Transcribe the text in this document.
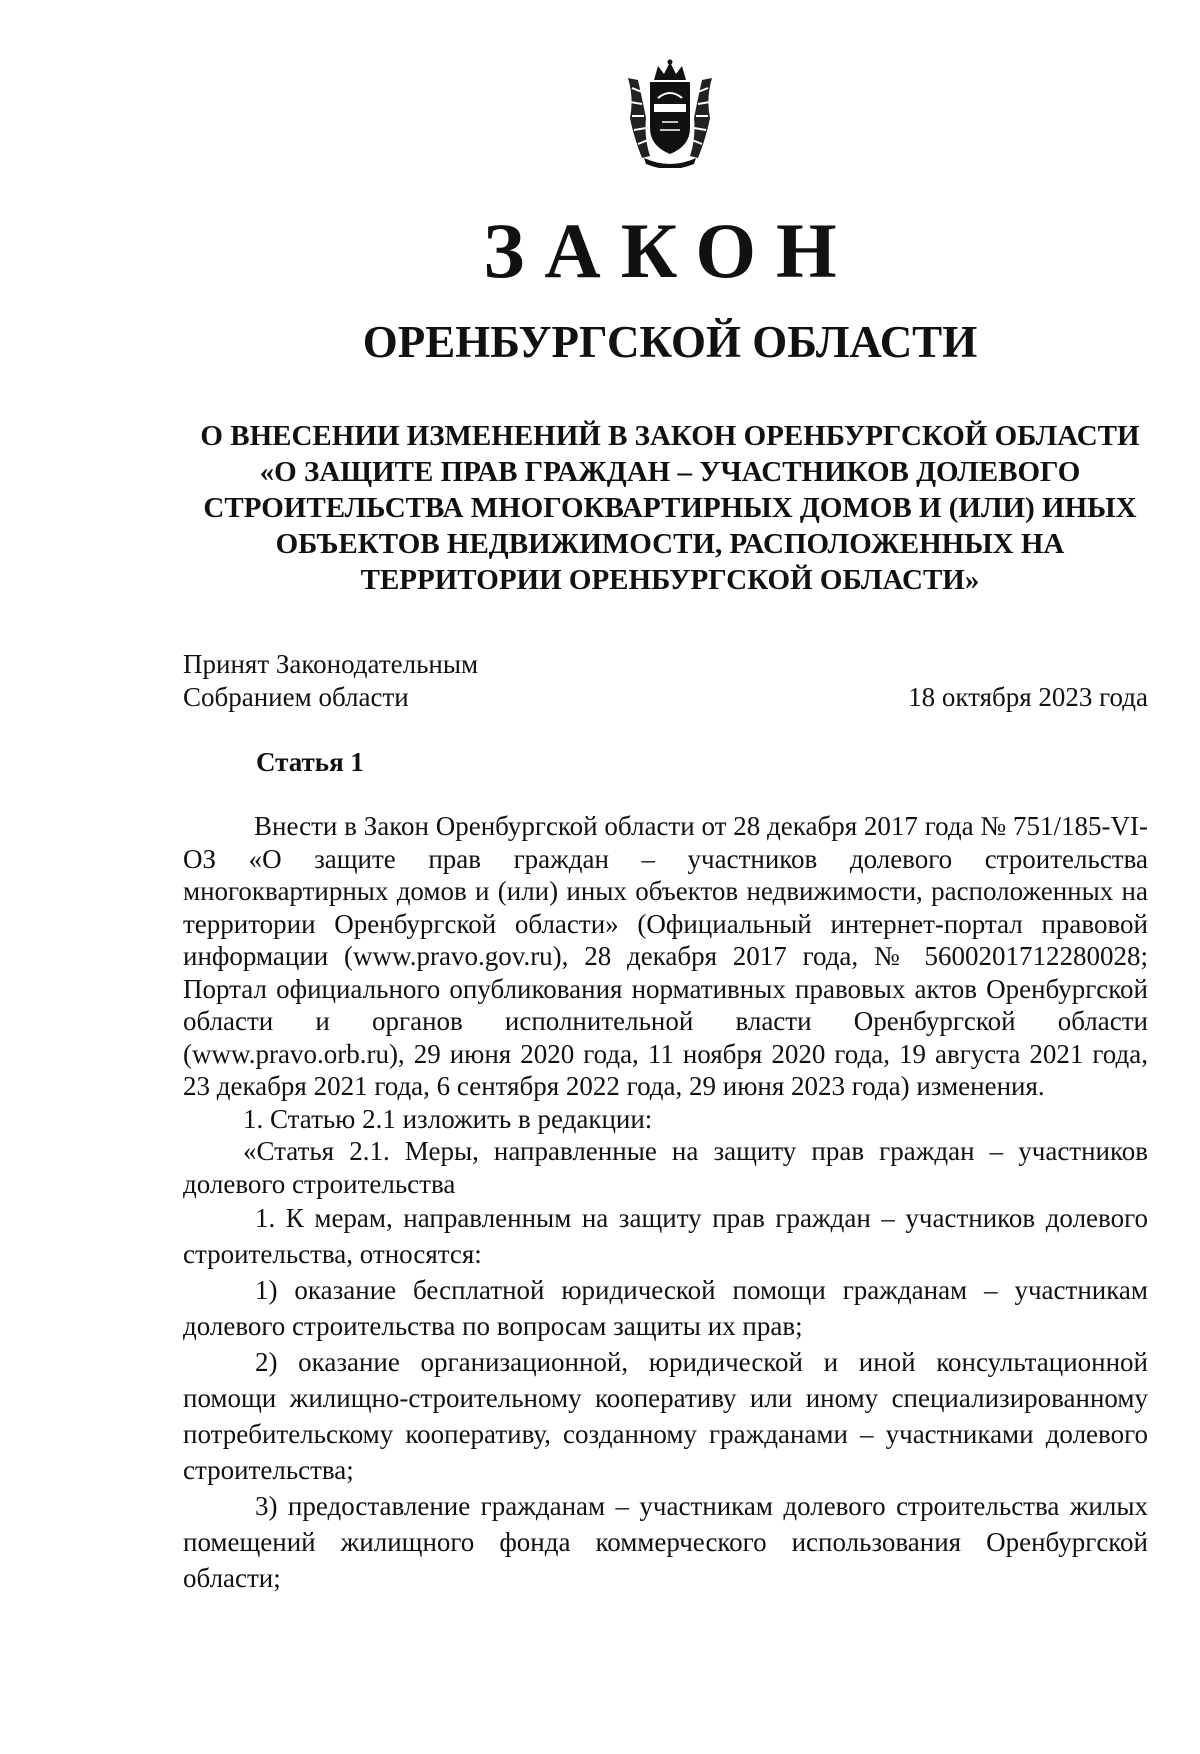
ЗАКОН
ОРЕНБУРГСКОЙ ОБЛАСТИ
О ВНЕСЕНИИ ИЗМЕНЕНИЙ В ЗАКОН ОРЕНБУРГСКОЙ ОБЛАСТИ
«О ЗАЩИТЕ ПРАВ ГРАЖДАН – УЧАСТНИКОВ ДОЛЕВОГО
СТРОИТЕЛЬСТВА МНОГОКВАРТИРНЫХ ДОМОВ И (ИЛИ) ИНЫХ
ОБЪЕКТОВ НЕДВИЖИМОСТИ, РАСПОЛОЖЕННЫХ НА
ТЕРРИТОРИИ ОРЕНБУРГСКОЙ ОБЛАСТИ»
Принят Законодательным
Собранием области	18 октября 2023 года
Статья 1

Внести в Закон Оренбургской области от 28 декабря 2017 года № 751/185-VI-ОЗ «О защите прав граждан – участников долевого строительства многоквартирных домов и (или) иных объектов недвижимости, расположенных на территории Оренбургской области» (Официальный интернет-портал правовой информации (www.pravo.gov.ru), 28 декабря 2017 года, № 5600201712280028; Портал официального опубликования нормативных правовых актов Оренбургской области и органов исполнительной власти Оренбургской области (www.pravo.orb.ru), 29 июня 2020 года, 11 ноября 2020 года, 19 августа 2021 года, 23 декабря 2021 года, 6 сентября 2022 года, 29 июня 2023 года) изменения.

1. Статью 2.1 изложить в редакции:

«Статья 2.1. Меры, направленные на защиту прав граждан – участников долевого строительства

1. К мерам, направленным на защиту прав граждан – участников долевого строительства, относятся:

1) оказание бесплатной юридической помощи гражданам – участникам долевого строительства по вопросам защиты их прав;

2) оказание организационной, юридической и иной консультационной помощи жилищно-строительному кооперативу или иному специализированному потребительскому кооперативу, созданному гражданами – участниками долевого строительства;

3) предоставление гражданам – участникам долевого строительства жилых помещений жилищного фонда коммерческого использования Оренбургской области;
